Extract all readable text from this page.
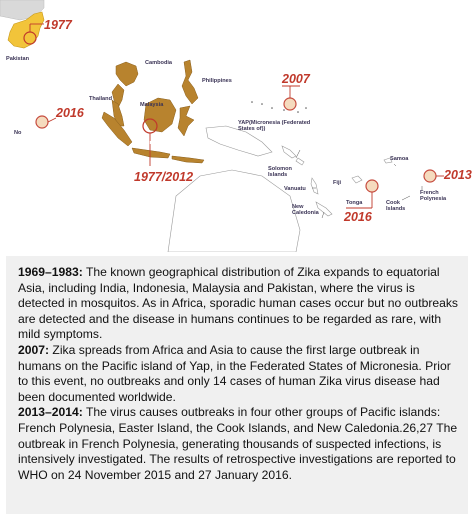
Pakistan
Cambodia
Philippines
Thailand
Malaysia
Indonesia
YAP(Micronesia (Federated States of))
Solomon Islands
Vanuatu
New Caledonia
Fiji
Samoa
Tonga	Cook Islands
French Polynesia
No
1977
2016
2007
1977/2012
2016
2013

1969–1983: The known geographical distribution of Zika expands to equatorial Asia, including India, Indonesia, Malaysia and Pakistan, where the virus is detected in mosquitos. As in Africa, sporadic human cases occur but no outbreaks are detected and the disease in humans continues to be regarded as rare, with mild symptoms.

2007: Zika spreads from Africa and Asia to cause the first large outbreak in humans on the Pacific island of Yap, in the Federated States of Micronesia. Prior to this event, no outbreaks and only 14 cases of human Zika virus disease had been documented worldwide.

2013–2014: The virus causes outbreaks in four other groups of Pacific islands: French Polynesia, Easter Island, the Cook Islands, and New Caledonia.26,27 The outbreak in French Polynesia, generating thousands of suspected infections, is intensively investigated. The results of retrospective investigations are reported to WHO on 24 November 2015 and 27 January 2016.
